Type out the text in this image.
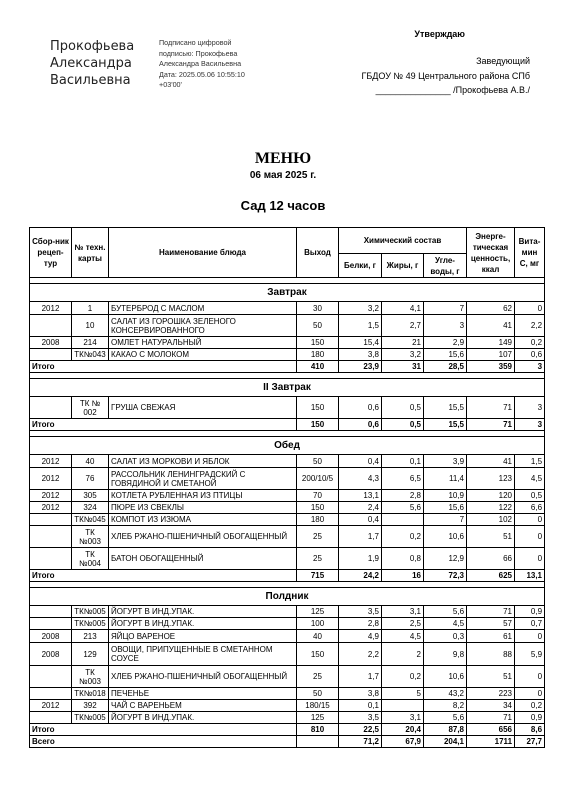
Прокофьева
Александра
Васильевна
Подписано цифровой
подписью: Прокофьева
Александра Васильевна
Дата: 2025.05.06 10:55:10
+03'00'
Утверждаю
Заведующий
ГБДОУ № 49 Центрального района СПб
_______________ /Прокофьева А.В./
МЕНЮ
06 мая 2025 г.
Сад 12 часов
Сбор-ник рецеп-тур	№ техн. карты	Наименование блюда	Выход	Химический состав			Энерге-тическая ценность, ккал	Вита-мин С, мг
				Белки, г	Жиры, г	Угле-воды, г		

Завтрак								
2012	1	БУТЕРБРОД С МАСЛОМ	30	3,2	4,1	7	62	0
	10	САЛАТ ИЗ ГОРОШКА ЗЕЛЕНОГО КОНСЕРВИРОВАННОГО	50	1,5	2,7	3	41	2,2
2008	214	ОМЛЕТ НАТУРАЛЬНЫЙ	150	15,4	21	2,9	149	0,2
	ТК№043	КАКАО С МОЛОКОМ	180	3,8	3,2	15,6	107	0,6
Итого			410	23,9	31	28,5	359	3

II Завтрак								
	ТК № 002	ГРУША СВЕЖАЯ	150	0,6	0,5	15,5	71	3
Итого			150	0,6	0,5	15,5	71	3

Обед								
2012	40	САЛАТ ИЗ МОРКОВИ И ЯБЛОК	50	0,4	0,1	3,9	41	1,5
2012	76	РАССОЛЬНИК ЛЕНИНГРАДСКИЙ С ГОВЯДИНОЙ И СМЕТАНОЙ	200/10/5	4,3	6,5	11,4	123	4,5
2012	305	КОТЛЕТА РУБЛЕННАЯ ИЗ ПТИЦЫ	70	13,1	2,8	10,9	120	0,5
2012	324	ПЮРЕ ИЗ СВЕКЛЫ	150	2,4	5,6	15,6	122	6,6
	ТК№045	КОМПОТ ИЗ ИЗЮМА	180	0,4		7	102	0
	ТК №003	ХЛЕБ РЖАНО-ПШЕНИЧНЫЙ ОБОГАЩЕННЫЙ	25	1,7	0,2	10,6	51	0
	ТК №004	БАТОН ОБОГАЩЕННЫЙ	25	1,9	0,8	12,9	66	0
Итого			715	24,2	16	72,3	625	13,1

Полдник								
	ТК№005	ЙОГУРТ В ИНД.УПАК.	125	3,5	3,1	5,6	71	0,9
	ТК№005	ЙОГУРТ В ИНД.УПАК.	100	2,8	2,5	4,5	57	0,7
2008	213	ЯЙЦО ВАРЕНОЕ	40	4,9	4,5	0,3	61	0
2008	129	ОВОЩИ, ПРИПУЩЕННЫЕ В СМЕТАННОМ СОУСЕ	150	2,2	2	9,8	88	5,9
	ТК №003	ХЛЕБ РЖАНО-ПШЕНИЧНЫЙ ОБОГАЩЕННЫЙ	25	1,7	0,2	10,6	51	0
	ТК№018	ПЕЧЕНЬЕ	50	3,8	5	43,2	223	0
2012	392	ЧАЙ С ВАРЕНЬЕМ	180/15	0,1		8,2	34	0,2
	ТК№005	ЙОГУРТ В ИНД.УПАК.	125	3,5	3,1	5,6	71	0,9
Итого			810	22,5	20,4	87,8	656	8,6
Всего				71,2	67,9	204,1	1711	27,7
